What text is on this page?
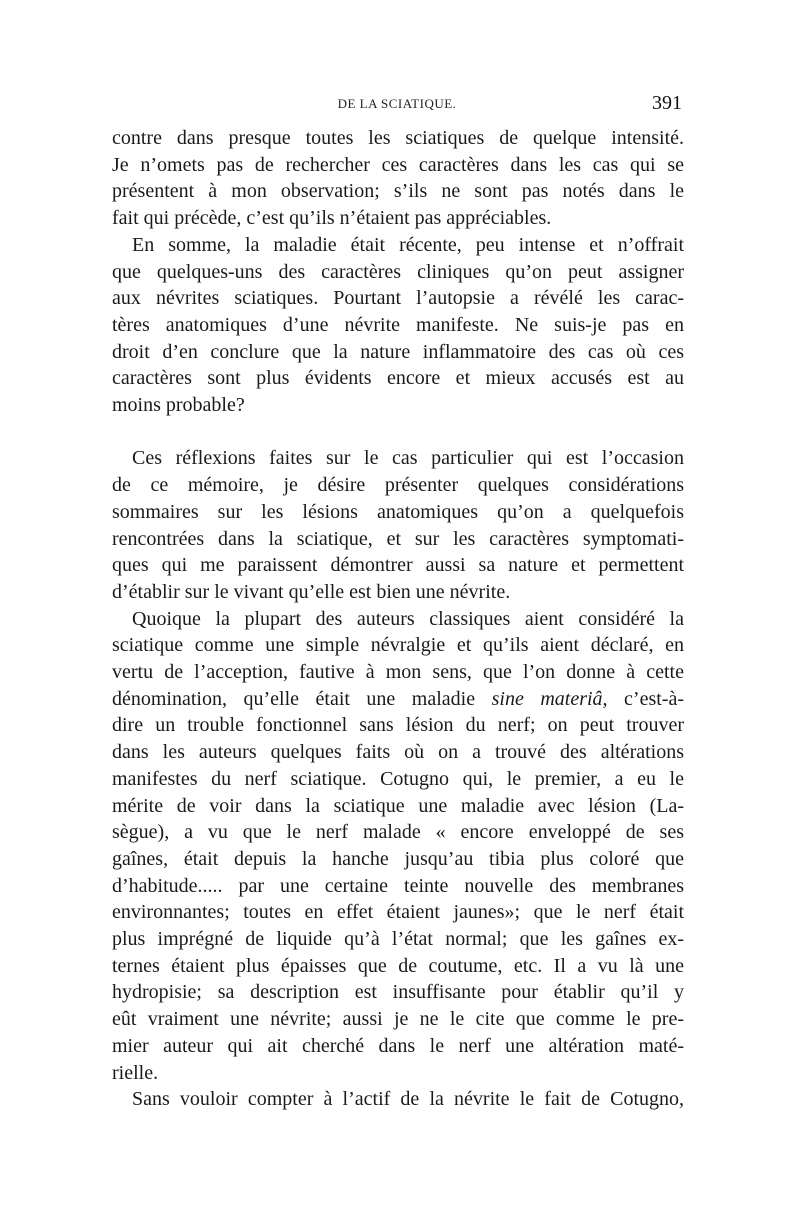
DE LA SCIATIQUE.	391
contre dans presque toutes les sciatiques de quelque intensité.
Je n’omets pas de rechercher ces caractères dans les cas qui se
présentent à mon observation; s’ils ne sont pas notés dans le
fait qui précède, c’est qu’ils n’étaient pas appréciables.
En somme, la maladie était récente, peu intense et n’offrait
que quelques-uns des caractères cliniques qu’on peut assigner
aux névrites sciatiques. Pourtant l’autopsie a révélé les carac-
tères anatomiques d’une névrite manifeste. Ne suis-je pas en
droit d’en conclure que la nature inflammatoire des cas où ces
caractères sont plus évidents encore et mieux accusés est au
moins probable?
Ces réflexions faites sur le cas particulier qui est l’occasion
de ce mémoire, je désire présenter quelques considérations
sommaires sur les lésions anatomiques qu’on a quelquefois
rencontrées dans la sciatique, et sur les caractères symptomati-
ques qui me paraissent démontrer aussi sa nature et permettent
d’établir sur le vivant qu’elle est bien une névrite.
Quoique la plupart des auteurs classiques aient considéré la
sciatique comme une simple névralgie et qu’ils aient déclaré, en
vertu de l’acception, fautive à mon sens, que l’on donne à cette
dénomination, qu’elle était une maladie sine materiâ, c’est-à-
dire un trouble fonctionnel sans lésion du nerf; on peut trouver
dans les auteurs quelques faits où on a trouvé des altérations
manifestes du nerf sciatique. Cotugno qui, le premier, a eu le
mérite de voir dans la sciatique une maladie avec lésion (La-
sègue), a vu que le nerf malade « encore enveloppé de ses
gaînes, était depuis la hanche jusqu’au tibia plus coloré que
d’habitude..... par une certaine teinte nouvelle des membranes
environnantes; toutes en effet étaient jaunes»; que le nerf était
plus imprégné de liquide qu’à l’état normal; que les gaînes ex-
ternes étaient plus épaisses que de coutume, etc. Il a vu là une
hydropisie; sa description est insuffisante pour établir qu’il y
eût vraiment une névrite; aussi je ne le cite que comme le pre-
mier auteur qui ait cherché dans le nerf une altération maté-
rielle.
Sans vouloir compter à l’actif de la névrite le fait de Cotugno,
